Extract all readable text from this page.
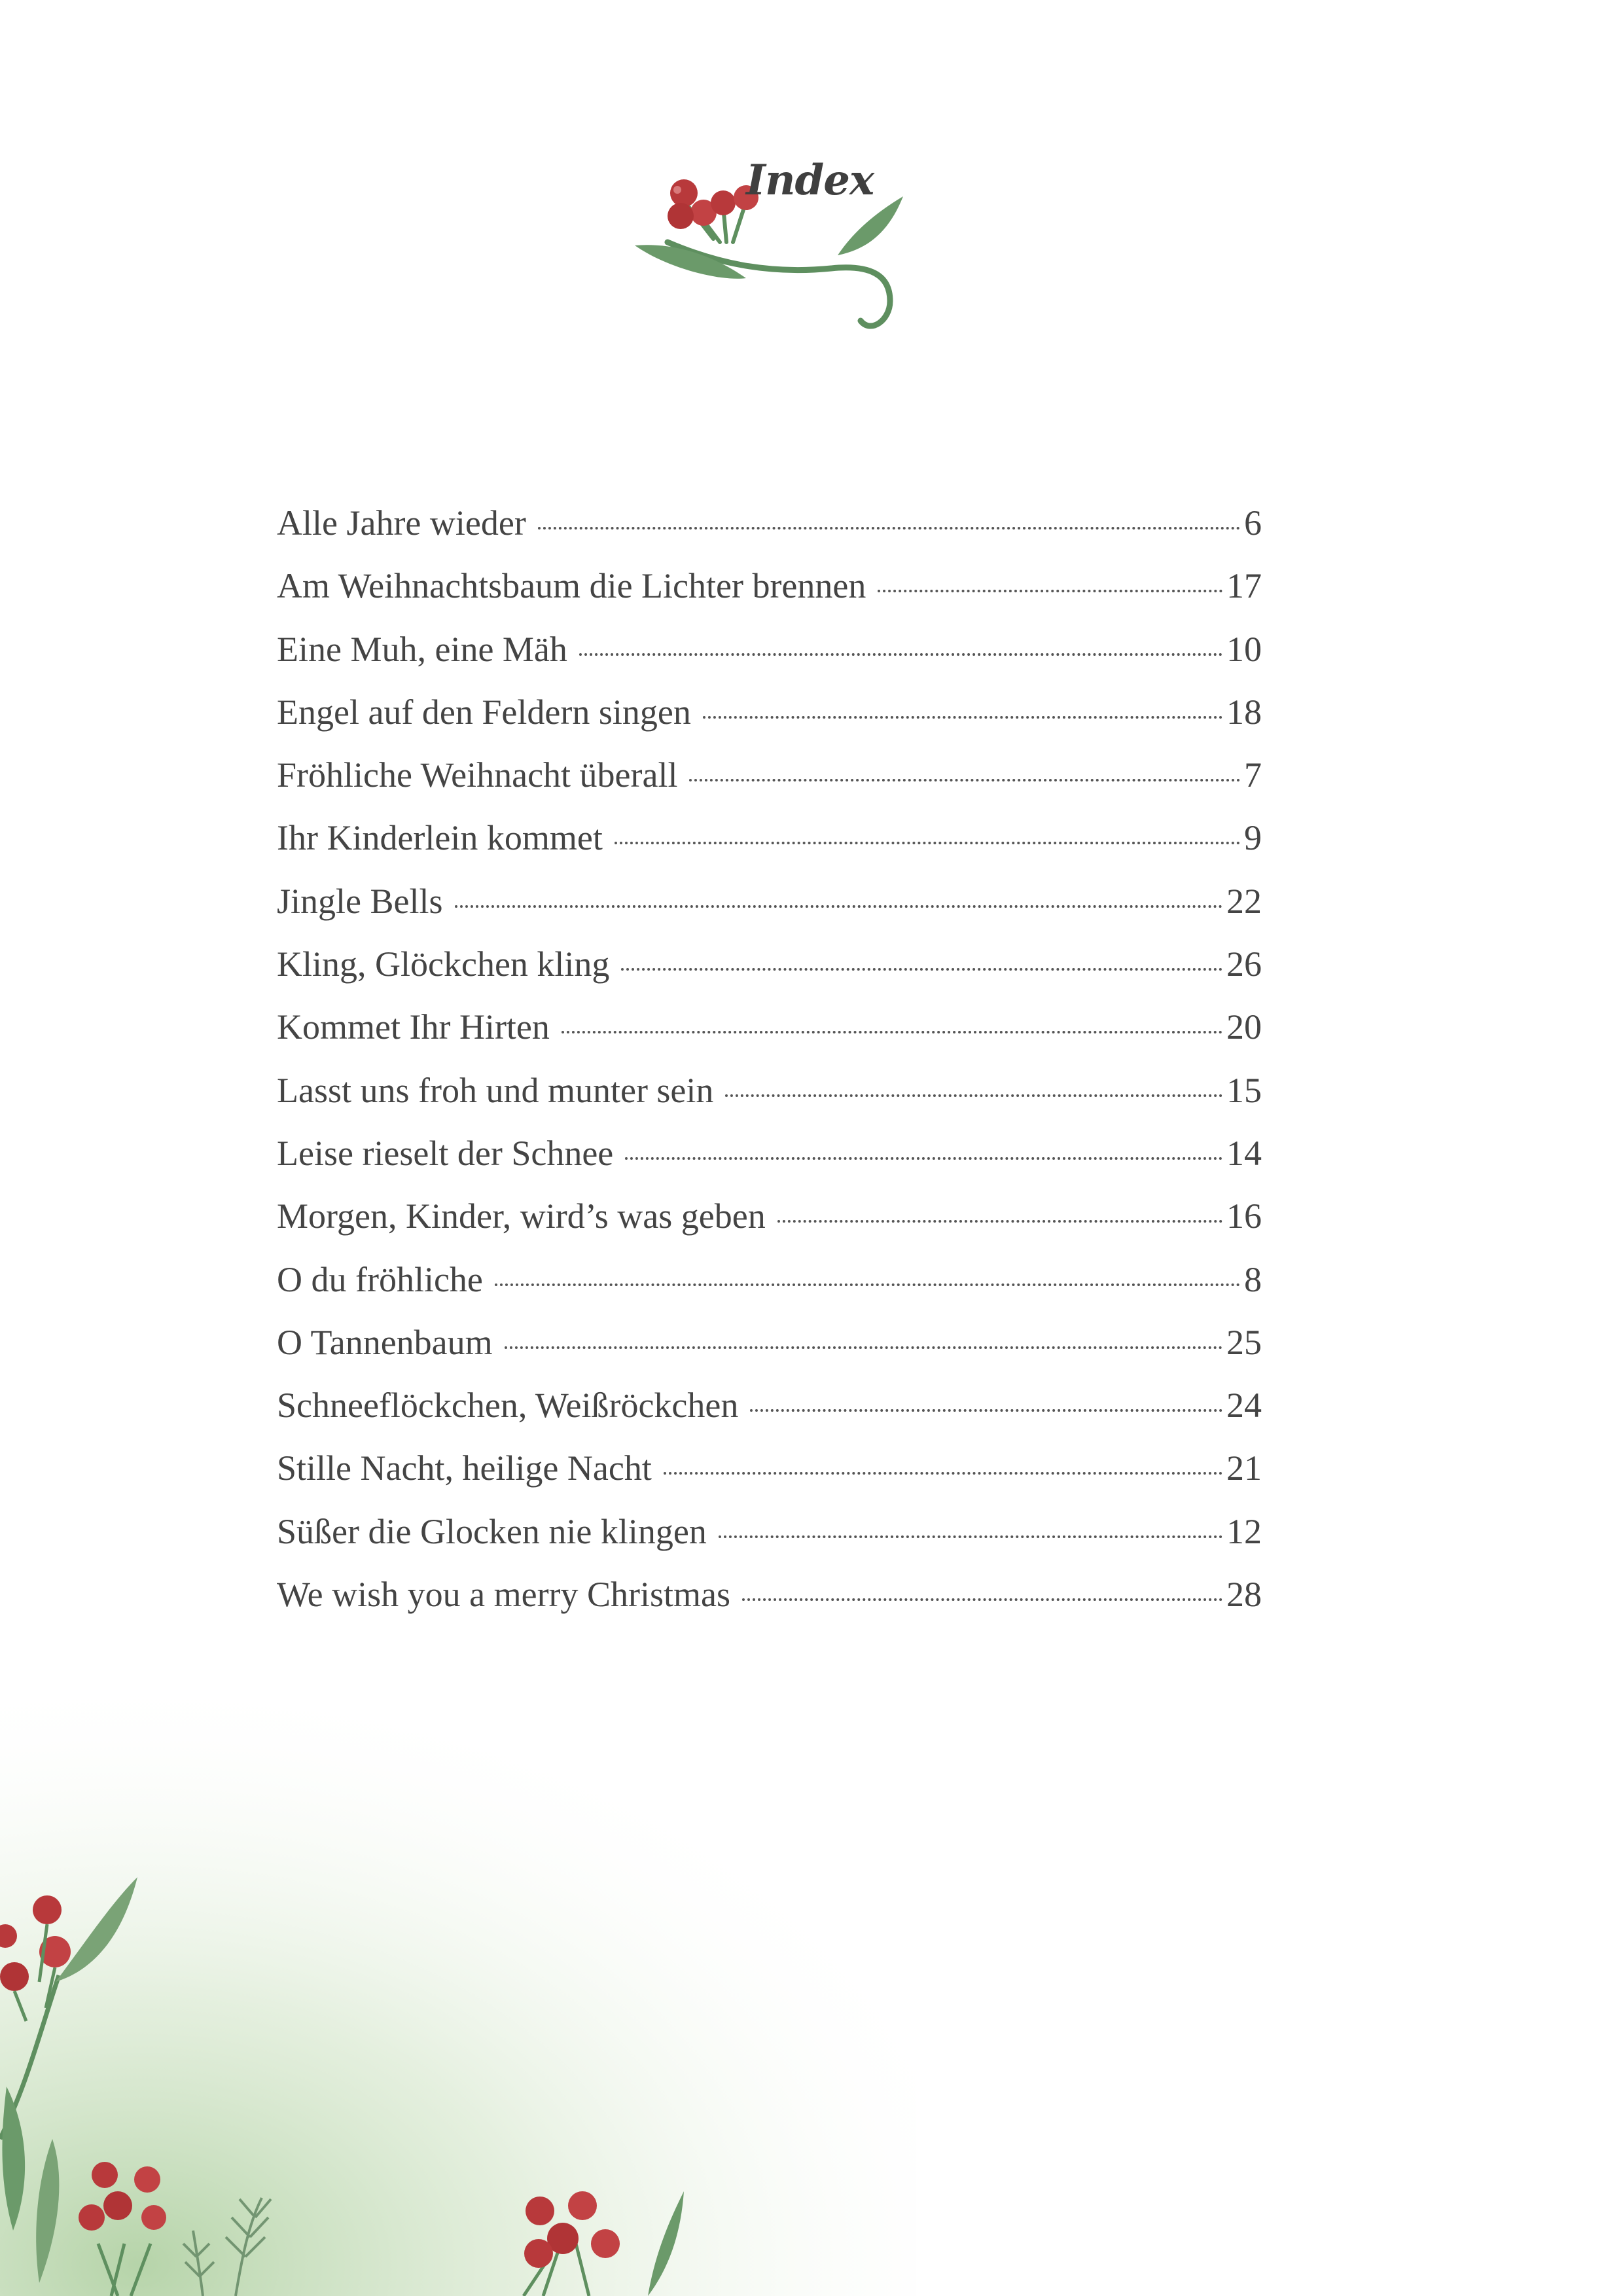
Index
Alle Jahre wieder	6
Am Weihnachtsbaum die Lichter brennen	17
Eine Muh, eine Mäh	10
Engel auf den Feldern singen	18
Fröhliche Weihnacht überall	7
Ihr Kinderlein kommet	9
Jingle Bells	22
Kling, Glöckchen kling	26
Kommet Ihr Hirten	20
Lasst uns froh und munter sein	15
Leise rieselt der Schnee	14
Morgen, Kinder, wird’s was geben	16
O du fröhliche	8
O Tannenbaum	25
Schneeflöckchen, Weißröckchen	24
Stille Nacht, heilige Nacht	21
Süßer die Glocken nie klingen	12
We wish you a merry Christmas	28
